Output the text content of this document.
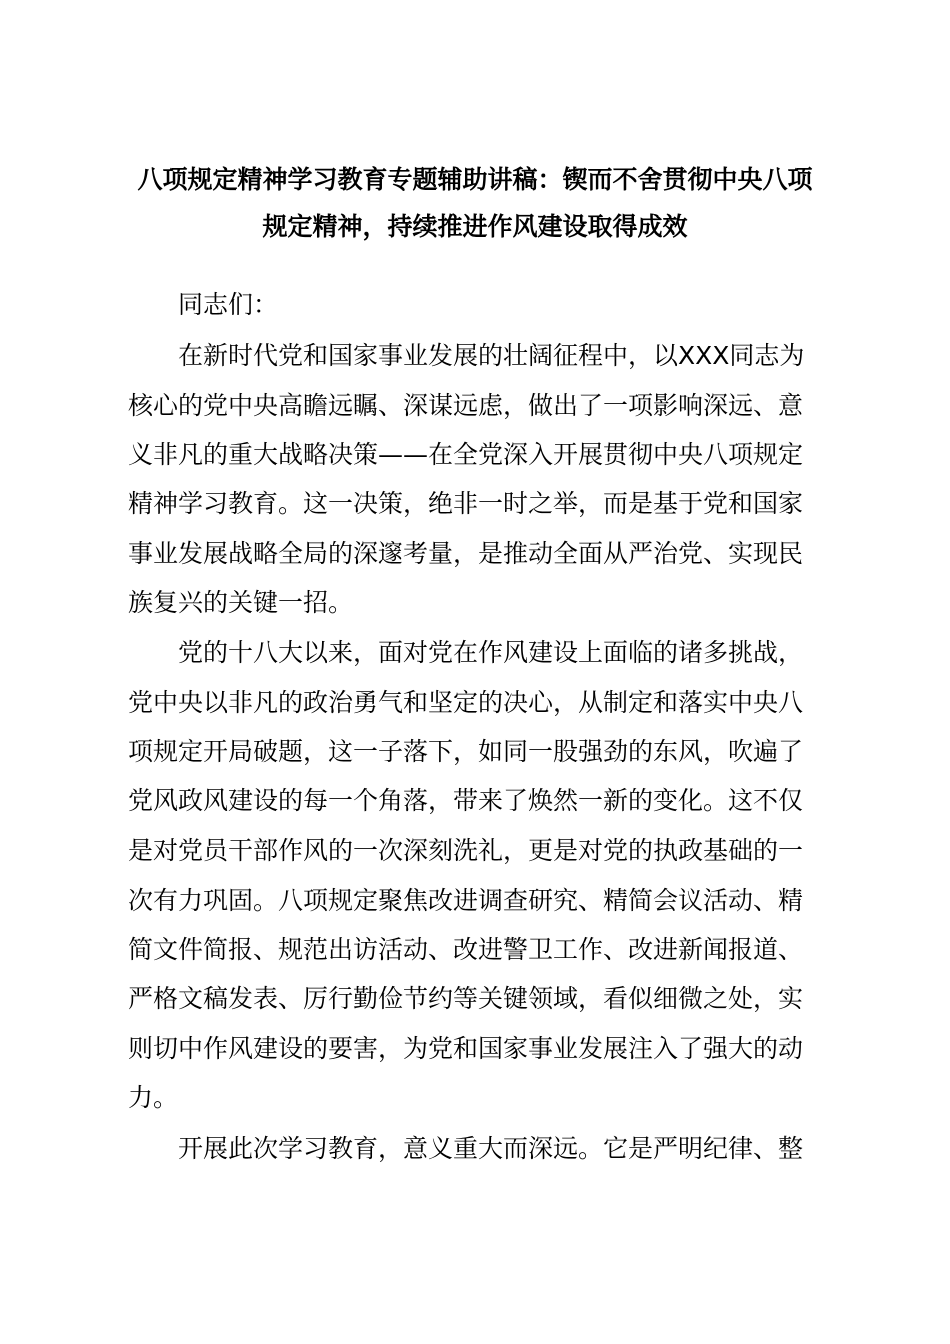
八项规定精神学习教育专题辅助讲稿：锲而不舍贯彻中央八项
规定精神，持续推进作风建设取得成效
同志们：
在新时代党和国家事业发展的壮阔征程中，以XXX同志为
核心的党中央高瞻远瞩、深谋远虑，做出了一项影响深远、意
义非凡的重大战略决策——在全党深入开展贯彻中央八项规定
精神学习教育。这一决策，绝非一时之举，而是基于党和国家
事业发展战略全局的深邃考量，是推动全面从严治党、实现民
族复兴的关键一招。
党的十八大以来，面对党在作风建设上面临的诸多挑战，
党中央以非凡的政治勇气和坚定的决心，从制定和落实中央八
项规定开局破题，这一子落下，如同一股强劲的东风，吹遍了
党风政风建设的每一个角落，带来了焕然一新的变化。这不仅
是对党员干部作风的一次深刻洗礼，更是对党的执政基础的一
次有力巩固。八项规定聚焦改进调查研究、精简会议活动、精
简文件简报、规范出访活动、改进警卫工作、改进新闻报道、
严格文稿发表、厉行勤俭节约等关键领域，看似细微之处，实
则切中作风建设的要害，为党和国家事业发展注入了强大的动
力。
开展此次学习教育，意义重大而深远。它是严明纪律、整
